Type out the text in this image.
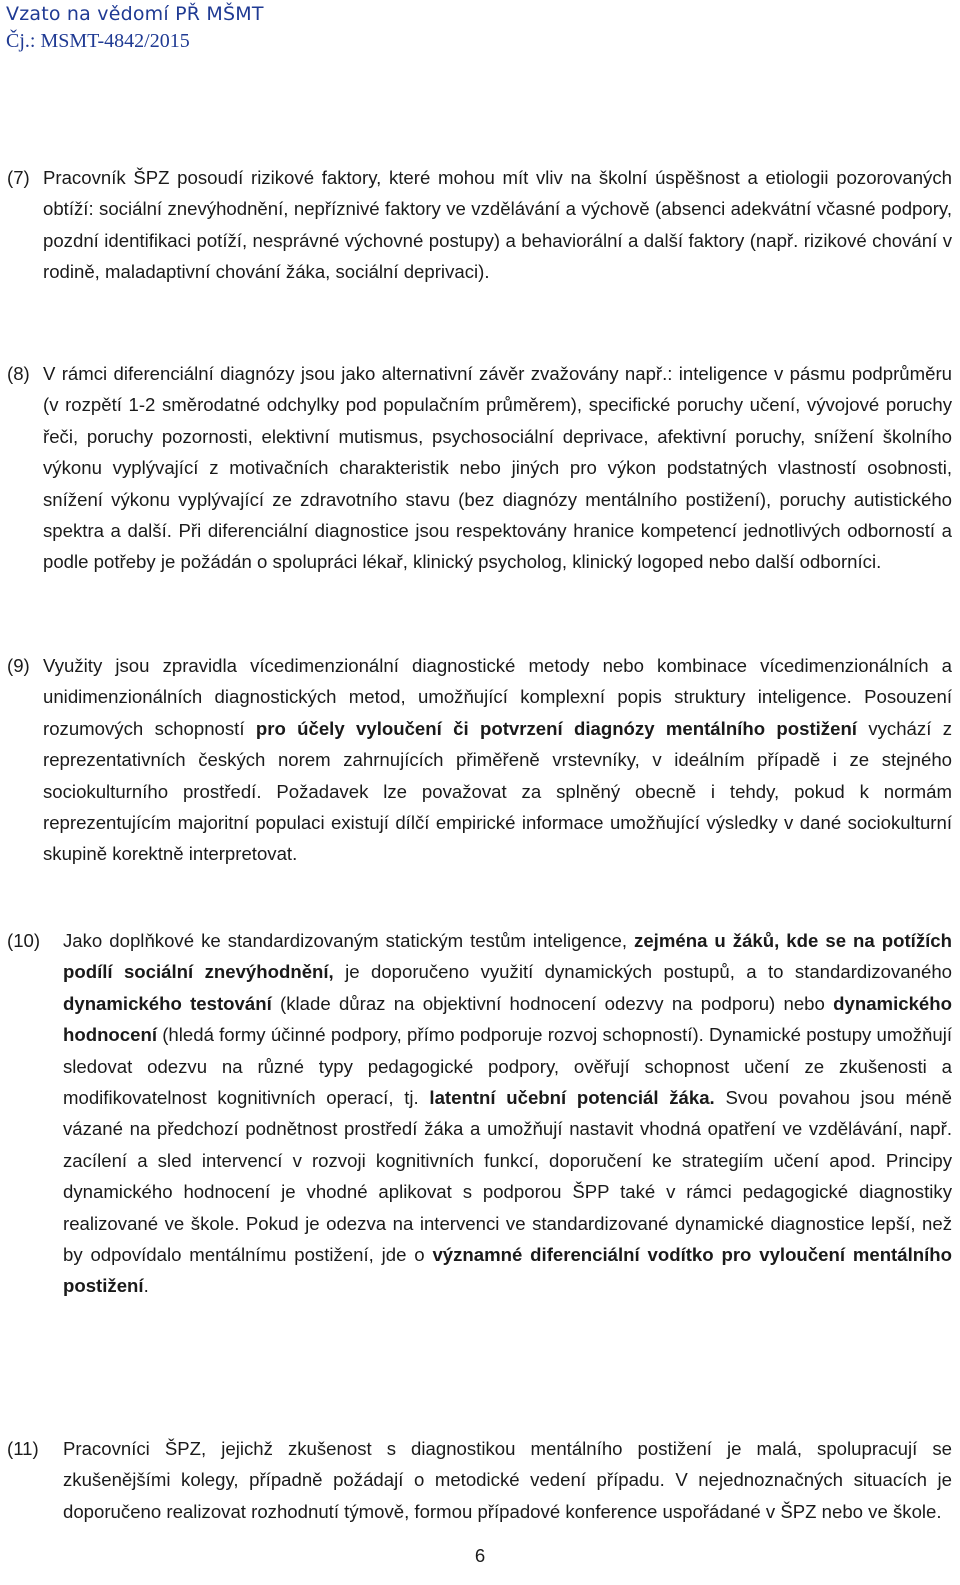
Vzato na vědomí PŘ MŠMT
Čj.: MSMT-4842/2015
(7) Pracovník ŠPZ posoudí rizikové faktory, které mohou mít vliv na školní úspěšnost a etiologii pozorovaných obtíží: sociální znevýhodnění, nepříznivé faktory ve vzdělávání a výchově (absenci adekvátní včasné podpory, pozdní identifikaci potíží, nesprávné výchovné postupy) a behaviorální a další faktory (např. rizikové chování v rodině, maladaptivní chování žáka, sociální deprivaci).
(8) V rámci diferenciální diagnózy jsou jako alternativní závěr zvažovány např.: inteligence v pásmu podprůměru (v rozpětí 1-2 směrodatné odchylky pod populačním průměrem), specifické poruchy učení, vývojové poruchy řeči, poruchy pozornosti, elektivní mutismus, psychosociální deprivace, afektivní poruchy, snížení školního výkonu vyplývající z motivačních charakteristik nebo jiných pro výkon podstatných vlastností osobnosti, snížení výkonu vyplývající ze zdravotního stavu (bez diagnózy mentálního postižení), poruchy autistického spektra a další. Při diferenciální diagnostice jsou respektovány hranice kompetencí jednotlivých odborností a podle potřeby je požádán o spolupráci lékař, klinický psycholog, klinický logoped nebo další odborníci.
(9) Využity jsou zpravidla vícedimenzionální diagnostické metody nebo kombinace vícedimenzionálních a unidimenzionálních diagnostických metod, umožňující komplexní popis struktury inteligence. Posouzení rozumových schopností pro účely vyloučení či potvrzení diagnózy mentálního postižení vychází z reprezentativních českých norem zahrnujících přiměřeně vrstevníky, v ideálním případě i ze stejného sociokulturního prostředí. Požadavek lze považovat za splněný obecně i tehdy, pokud k normám reprezentujícím majoritní populaci existují dílčí empirické informace umožňující výsledky v dané sociokulturní skupině korektně interpretovat.
(10) Jako doplňkové ke standardizovaným statickým testům inteligence, zejména u žáků, kde se na potížích podílí sociální znevýhodnění, je doporučeno využití dynamických postupů, a to standardizovaného dynamického testování (klade důraz na objektivní hodnocení odezvy na podporu) nebo dynamického hodnocení (hledá formy účinné podpory, přímo podporuje rozvoj schopností). Dynamické postupy umožňují sledovat odezvu na různé typy pedagogické podpory, ověřují schopnost učení ze zkušenosti a modifikovatelnost kognitivních operací, tj. latentní učební potenciál žáka. Svou povahou jsou méně vázané na předchozí podnětnost prostředí žáka a umožňují nastavit vhodná opatření ve vzdělávání, např. zacílení a sled intervencí v rozvoji kognitivních funkcí, doporučení ke strategiím učení apod. Principy dynamického hodnocení je vhodné aplikovat s podporou ŠPP také v rámci pedagogické diagnostiky realizované ve škole. Pokud je odezva na intervenci ve standardizované dynamické diagnostice lepší, než by odpovídalo mentálnímu postižení, jde o významné diferenciální vodítko pro vyloučení mentálního postižení.
(11) Pracovníci ŠPZ, jejichž zkušenost s diagnostikou mentálního postižení je malá, spolupracují se zkušenějšími kolegy, případně požádají o metodické vedení případu. V nejednoznačných situacích je doporučeno realizovat rozhodnutí týmově, formou případové konference uspořádané v ŠPZ nebo ve škole.
6
